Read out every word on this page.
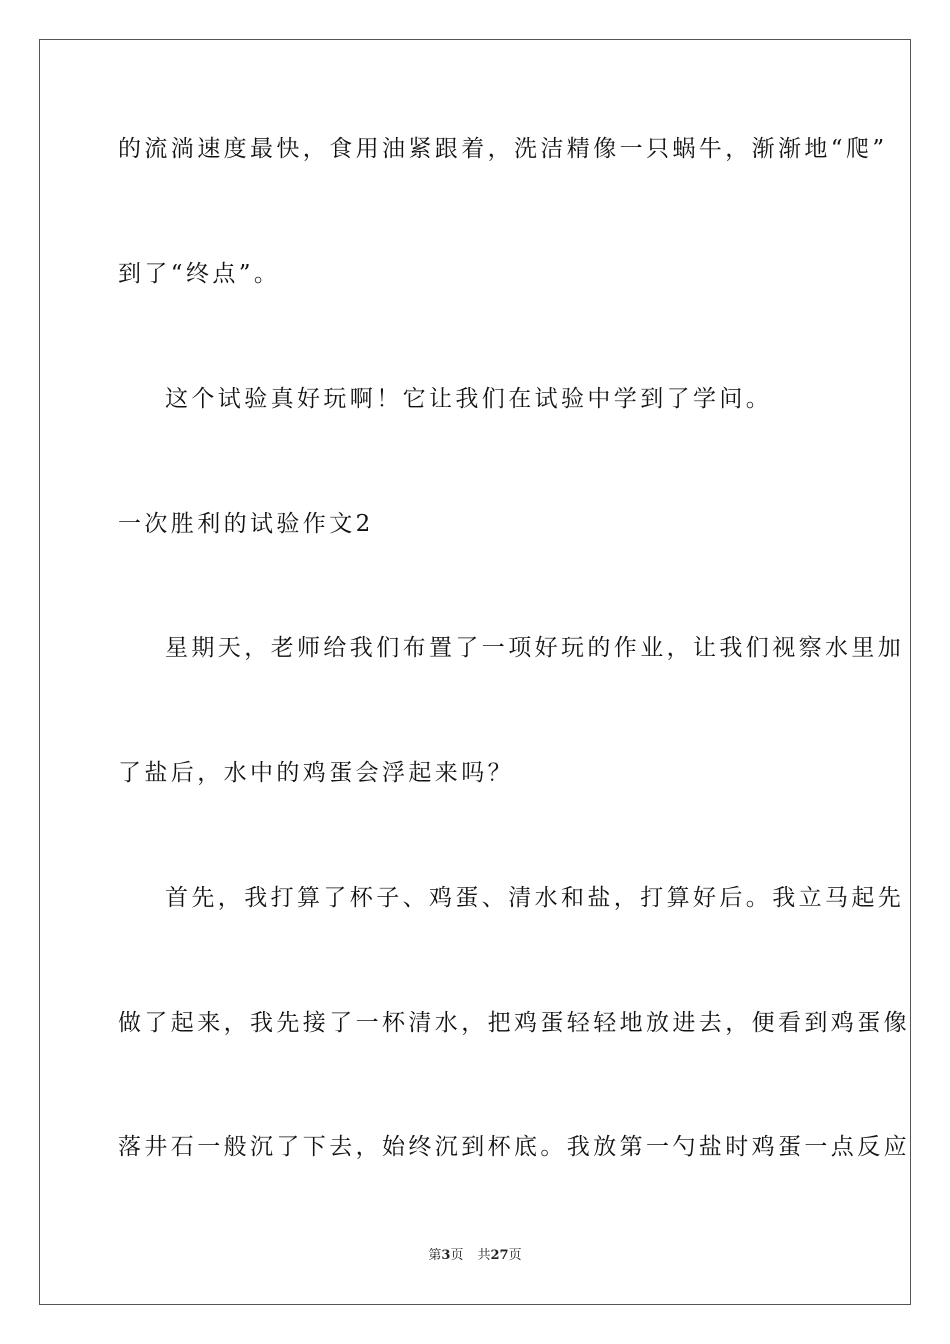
的流淌速度最快，食用油紧跟着，洗洁精像一只蜗牛，渐渐地“爬”
到了“终点”。
这个试验真好玩啊！它让我们在试验中学到了学问。
一次胜利的试验作文2
星期天，老师给我们布置了一项好玩的作业，让我们视察水里加
了盐后，水中的鸡蛋会浮起来吗？
首先，我打算了杯子、鸡蛋、清水和盐，打算好后。我立马起先
做了起来，我先接了一杯清水，把鸡蛋轻轻地放进去，便看到鸡蛋像
落井石一般沉了下去，始终沉到杯底。我放第一勺盐时鸡蛋一点反应
第3页 共27页
